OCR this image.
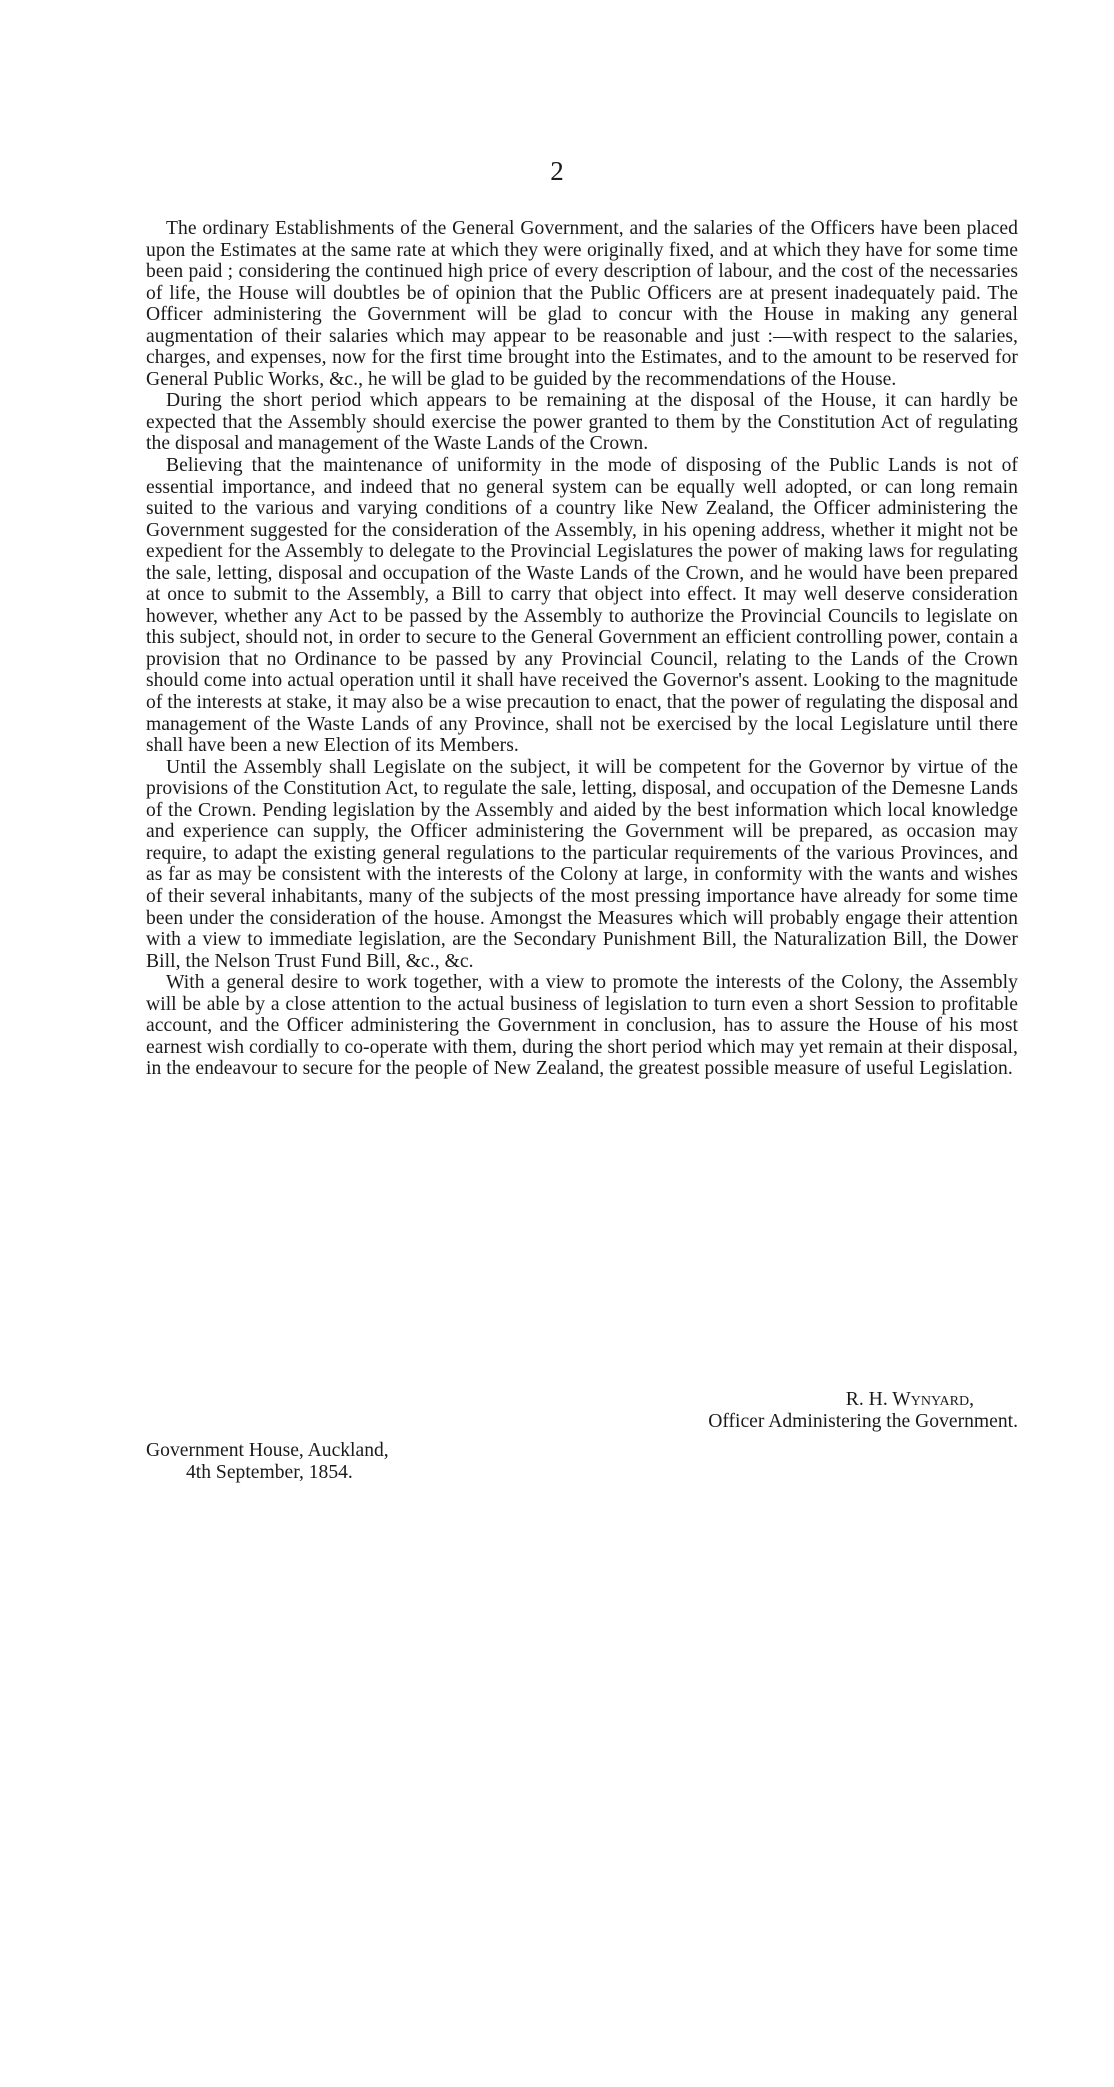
2

The ordinary Establishments of the General Government, and the salaries of the Officers have been placed upon the Estimates at the same rate at which they were originally fixed, and at which they have for some time been paid ; considering the continued high price of every description of labour, and the cost of the necessaries of life, the House will doubtles be of opinion that the Public Officers are at present inadequately paid. The Officer administering the Government will be glad to concur with the House in making any general augmentation of their salaries which may appear to be reasonable and just :—with respect to the salaries, charges, and expenses, now for the first time brought into the Estimates, and to the amount to be reserved for General Public Works, &c., he will be glad to be guided by the recommendations of the House.

During the short period which appears to be remaining at the disposal of the House, it can hardly be expected that the Assembly should exercise the power granted to them by the Constitution Act of regulating the disposal and management of the Waste Lands of the Crown.

Believing that the maintenance of uniformity in the mode of disposing of the Public Lands is not of essential importance, and indeed that no general system can be equally well adopted, or can long remain suited to the various and varying conditions of a country like New Zealand, the Officer administering the Government suggested for the consideration of the Assembly, in his opening address, whether it might not be expedient for the Assembly to delegate to the Provincial Legislatures the power of making laws for regulating the sale, letting, disposal and occupation of the Waste Lands of the Crown, and he would have been prepared at once to submit to the Assembly, a Bill to carry that object into effect. It may well deserve consideration however, whether any Act to be passed by the Assembly to authorize the Provincial Councils to legislate on this subject, should not, in order to secure to the General Government an efficient controlling power, contain a provision that no Ordinance to be passed by any Provincial Council, relating to the Lands of the Crown should come into actual operation until it shall have received the Governor's assent. Looking to the magnitude of the interests at stake, it may also be a wise precaution to enact, that the power of regulating the disposal and management of the Waste Lands of any Province, shall not be exercised by the local Legislature until there shall have been a new Election of its Members.

Until the Assembly shall Legislate on the subject, it will be competent for the Governor by virtue of the provisions of the Constitution Act, to regulate the sale, letting, disposal, and occupation of the Demesne Lands of the Crown. Pending legislation by the Assembly and aided by the best information which local knowledge and experience can supply, the Officer administering the Government will be prepared, as occasion may require, to adapt the existing general regulations to the particular requirements of the various Provinces, and as far as may be consistent with the interests of the Colony at large, in conformity with the wants and wishes of their several inhabitants, many of the subjects of the most pressing importance have already for some time been under the consideration of the house. Amongst the Measures which will probably engage their attention with a view to immediate legislation, are the Secondary Punishment Bill, the Naturalization Bill, the Dower Bill, the Nelson Trust Fund Bill, &c., &c.

With a general desire to work together, with a view to promote the interests of the Colony, the Assembly will be able by a close attention to the actual business of legislation to turn even a short Session to profitable account, and the Officer administering the Government in conclusion, has to assure the House of his most earnest wish cordially to co-operate with them, during the short period which may yet remain at their disposal, in the endeavour to secure for the people of New Zealand, the greatest possible measure of useful Legislation.

R. H. Wynyard,
Officer Administering the Government.
Government House, Auckland,
4th September, 1854.
